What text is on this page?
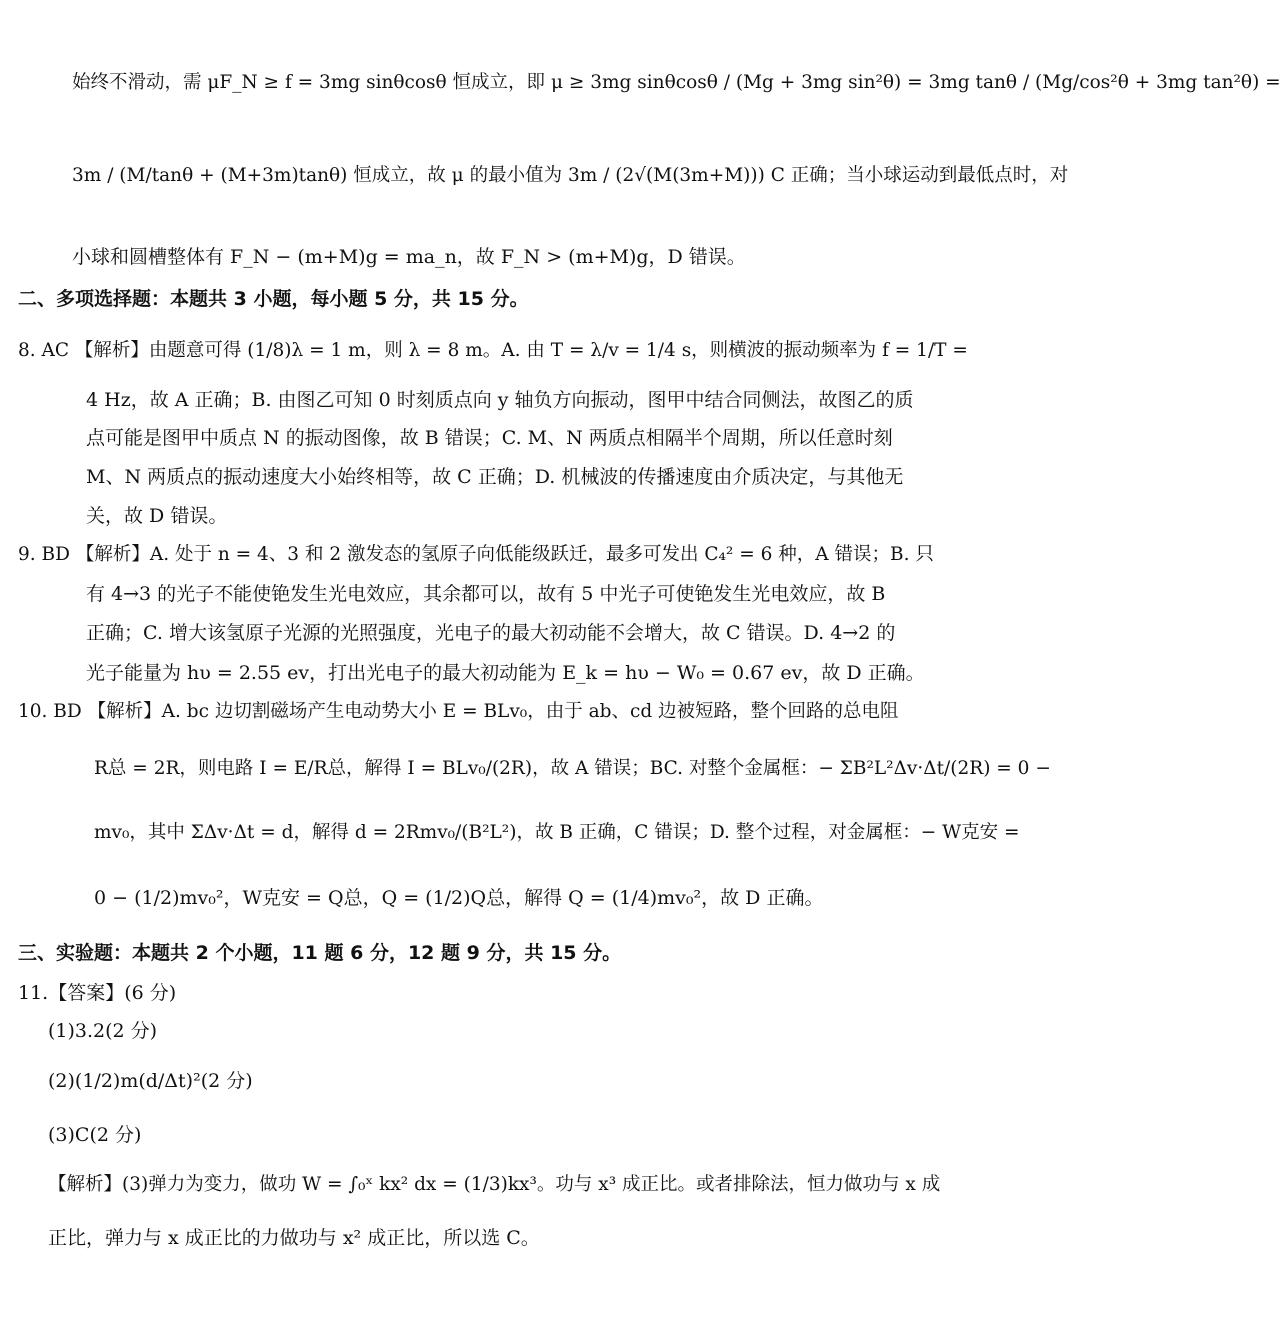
始终不滑动，需 μF_N ≥ f = 3mg sinθcosθ 恒成立，即 μ ≥ 3mg sinθcosθ / (Mg + 3mg sin²θ) = 3mg tanθ / (Mg/cos²θ + 3mg tan²θ) =
3m / (M/tanθ + (M+3m)tanθ) 恒成立，故 μ 的最小值为 3m / (2√(M(3m+M))) C 正确；当小球运动到最低点时，对
小球和圆槽整体有 F_N − (m+M)g = ma_n，故 F_N > (m+M)g，D 错误。
二、多项选择题：本题共 3 小题，每小题 5 分，共 15 分。
8. AC 【解析】由题意可得 (1/8)λ = 1 m，则 λ = 8 m。A. 由 T = λ/v = 1/4 s，则横波的振动频率为 f = 1/T =
4 Hz，故 A 正确；B. 由图乙可知 0 时刻质点向 y 轴负方向振动，图甲中结合同侧法，故图乙的质
点可能是图甲中质点 N 的振动图像，故 B 错误；C. M、N 两质点相隔半个周期，所以任意时刻
M、N 两质点的振动速度大小始终相等，故 C 正确；D. 机械波的传播速度由介质决定，与其他无
关，故 D 错误。
9. BD 【解析】A. 处于 n = 4、3 和 2 激发态的氢原子向低能级跃迁，最多可发出 C₄² = 6 种，A 错误；B. 只
有 4→3 的光子不能使铯发生光电效应，其余都可以，故有 5 中光子可使铯发生光电效应，故 B
正确；C. 增大该氢原子光源的光照强度，光电子的最大初动能不会增大，故 C 错误。D. 4→2 的
光子能量为 hυ = 2.55 ev，打出光电子的最大初动能为 E_k = hυ − W₀ = 0.67 ev，故 D 正确。
10. BD 【解析】A. bc 边切割磁场产生电动势大小 E = BLv₀，由于 ab、cd 边被短路，整个回路的总电阻
R总 = 2R，则电路 I = E/R总，解得 I = BLv₀/(2R)，故 A 错误；BC. 对整个金属框：− ΣB²L²Δv·Δt/(2R) = 0 −
mv₀，其中 ΣΔv·Δt = d，解得 d = 2Rmv₀/(B²L²)，故 B 正确，C 错误；D. 整个过程，对金属框：− W克安 =
0 − (1/2)mv₀²，W克安 = Q总，Q = (1/2)Q总，解得 Q = (1/4)mv₀²，故 D 正确。
三、实验题：本题共 2 个小题，11 题 6 分，12 题 9 分，共 15 分。
11.【答案】(6 分)
(1)3.2(2 分)
(2)(1/2)m(d/Δt)²(2 分)
(3)C(2 分)
【解析】(3)弹力为变力，做功 W = ∫₀ˣ kx² dx = (1/3)kx³。功与 x³ 成正比。或者排除法，恒力做功与 x 成
正比，弹力与 x 成正比的力做功与 x² 成正比，所以选 C。
